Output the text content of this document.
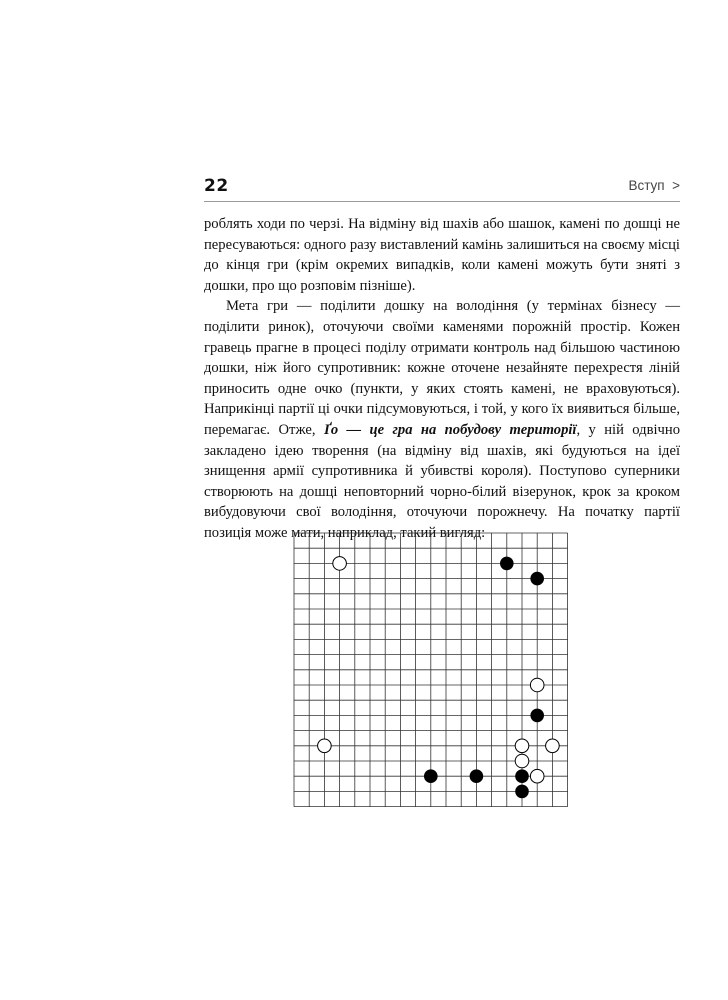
22	Вступ >

роблять ходи по черзі. На відміну від шахів або шашок, камені по дошці не пересуваються: одного разу виставлений камінь залишиться на своєму місці до кінця гри (крім окремих випадків, коли камені можуть бути зняті з дошки, про що розповім пізніше).

Мета гри — поділити дошку на володіння (у термінах бізнесу — поділити ринок), оточуючи своїми каменями порожній простір. Кожен гравець прагне в процесі поділу отримати контроль над більшою частиною дошки, ніж його супротивник: кожне оточене незайняте перехрестя ліній приносить одне очко (пункти, у яких стоять камені, не враховуються). Наприкінці партії ці очки підсумовуються, і той, у кого їх виявиться більше, перемагає. Отже, Ґо — це гра на побудову території, у ній одвічно закладено ідею творення (на відміну від шахів, які будуються на ідеї знищення армії супротивника й убивстві короля). Поступово суперники створюють на дошці неповторний чорно-білий візерунок, крок за кроком вибудовуючи свої володіння, оточуючи порожнечу. На початку партії позиція може мати, наприклад, такий вигляд:
